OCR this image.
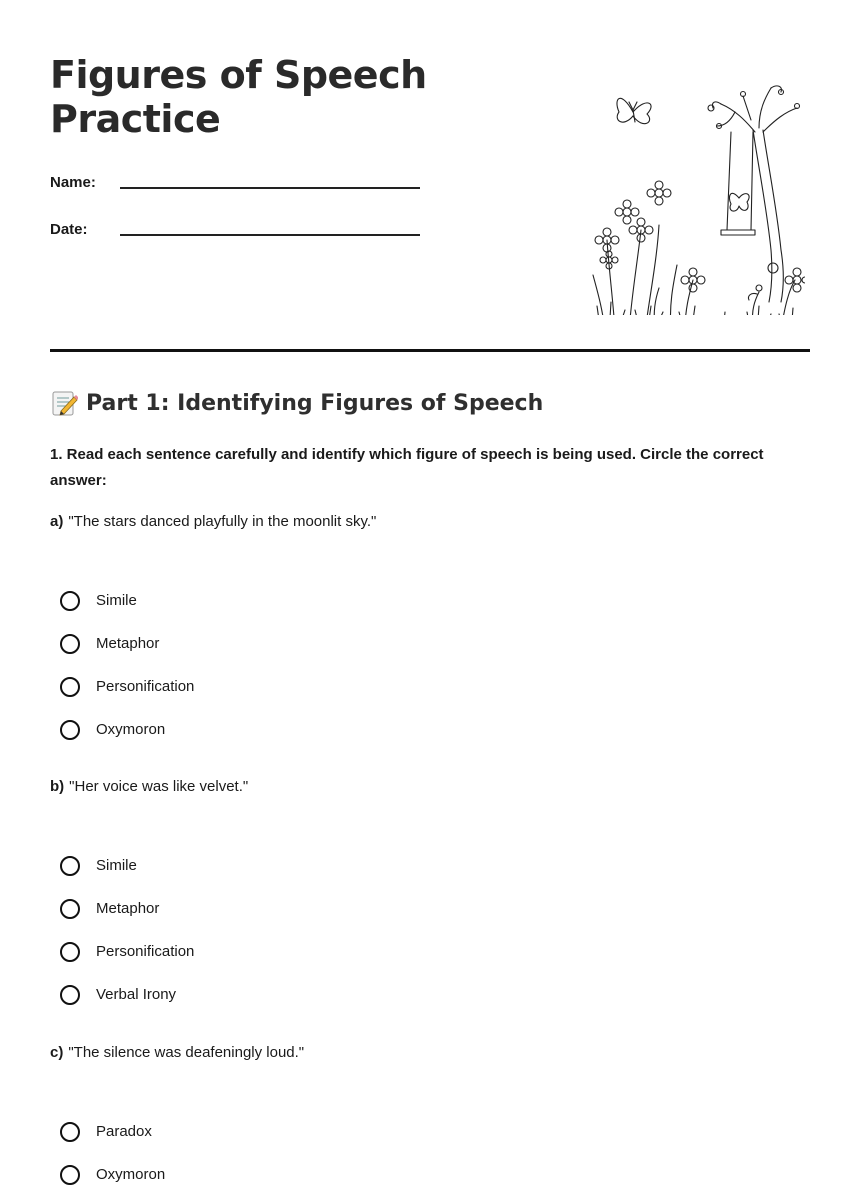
Figures of Speech
Practice
Name:
Date:
Part 1: Identifying Figures of Speech
1. Read each sentence carefully and identify which figure of speech is being used. Circle the correct answer:
a) "The stars danced playfully in the moonlit sky."
Simile
Metaphor
Personification
Oxymoron
b) "Her voice was like velvet."
Simile
Metaphor
Personification
Verbal Irony
c) "The silence was deafeningly loud."
Paradox
Oxymoron
